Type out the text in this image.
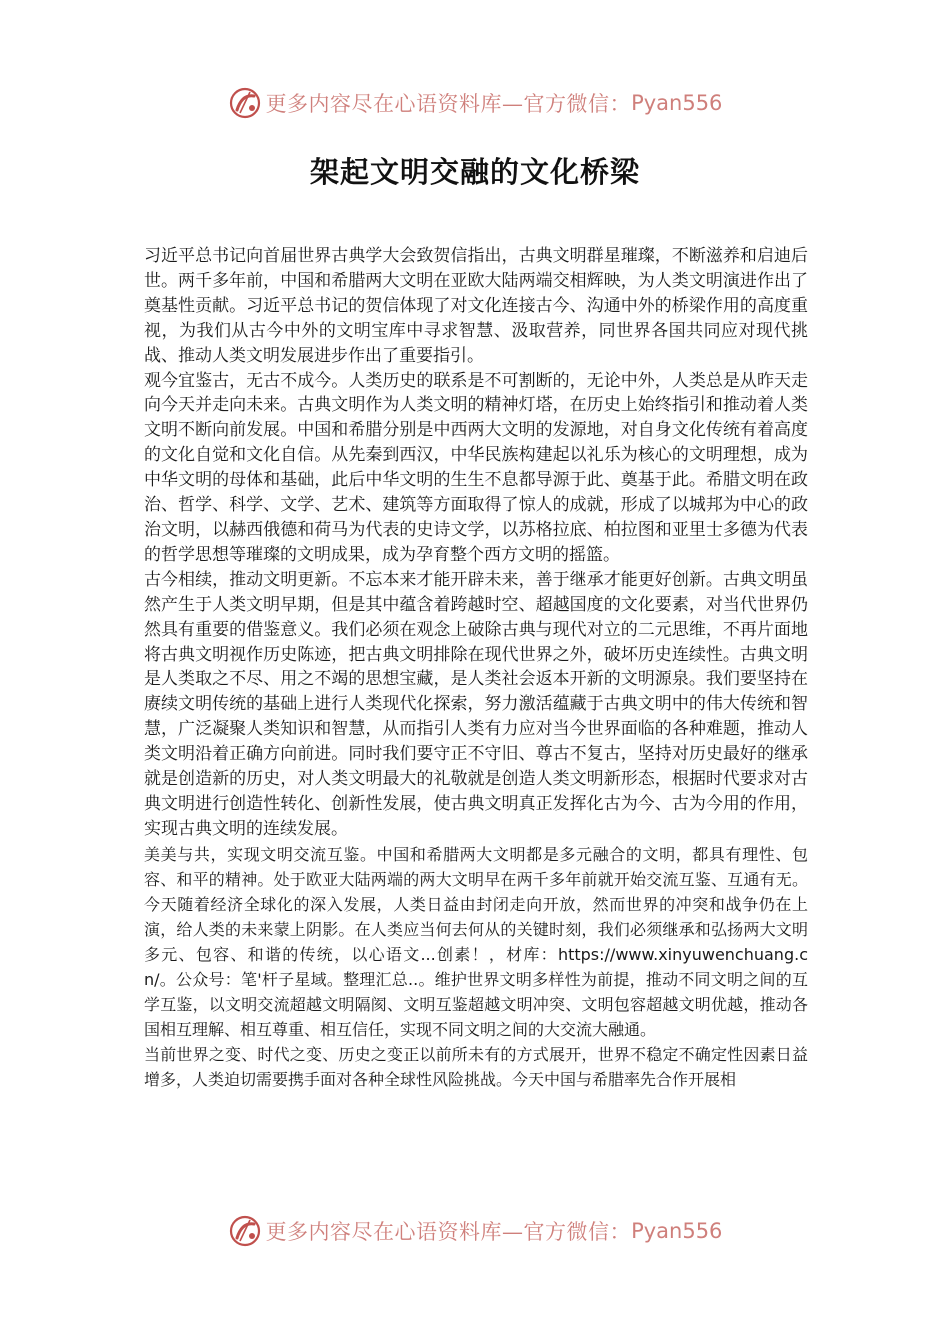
更多内容尽在心语资料库—官方微信： Pyan556
架起文明交融的文化桥梁

习近平总书记向首届世界古典学大会致贺信指出，古典文明群星璀璨，不断滋养和启迪后世。两千多年前，中国和希腊两大文明在亚欧大陆两端交相辉映，为人类文明演进作出了奠基性贡献。习近平总书记的贺信体现了对文化连接古今、沟通中外的桥梁作用的高度重视，为我们从古今中外的文明宝库中寻求智慧、汲取营养，同世界各国共同应对现代挑战、推动人类文明发展进步作出了重要指引。

观今宜鉴古，无古不成今。人类历史的联系是不可割断的，无论中外，人类总是从昨天走向今天并走向未来。古典文明作为人类文明的精神灯塔，在历史上始终指引和推动着人类文明不断向前发展。中国和希腊分别是中西两大文明的发源地，对自身文化传统有着高度的文化自觉和文化自信。从先秦到西汉，中华民族构建起以礼乐为核心的文明理想，成为中华文明的母体和基础，此后中华文明的生生不息都导源于此、奠基于此。希腊文明在政治、哲学、科学、文学、艺术、建筑等方面取得了惊人的成就，形成了以城邦为中心的政治文明，以赫西俄德和荷马为代表的史诗文学，以苏格拉底、柏拉图和亚里士多德为代表的哲学思想等璀璨的文明成果，成为孕育整个西方文明的摇篮。

古今相续，推动文明更新。不忘本来才能开辟未来，善于继承才能更好创新。古典文明虽然产生于人类文明早期，但是其中蕴含着跨越时空、超越国度的文化要素，对当代世界仍然具有重要的借鉴意义。我们必须在观念上破除古典与现代对立的二元思维，不再片面地将古典文明视作历史陈迹，把古典文明排除在现代世界之外，破坏历史连续性。古典文明是人类取之不尽、用之不竭的思想宝藏，是人类社会返本开新的文明源泉。我们要坚持在赓续文明传统的基础上进行人类现代化探索，努力激活蕴藏于古典文明中的伟大传统和智慧，广泛凝聚人类知识和智慧，从而指引人类有力应对当今世界面临的各种难题，推动人类文明沿着正确方向前进。同时我们要守正不守旧、尊古不复古，坚持对历史最好的继承就是创造新的历史，对人类文明最大的礼敬就是创造人类文明新形态，根据时代要求对古典文明进行创造性转化、创新性发展，使古典文明真正发挥化古为今、古为今用的作用，实现古典文明的连续发展。

美美与共，实现文明交流互鉴。中国和希腊两大文明都是多元融合的文明，都具有理性、包容、和平的精神。处于欧亚大陆两端的两大文明早在两千多年前就开始交流互鉴、互通有无。今天随着经济全球化的深入发展，人类日益由封闭走向开放，然而世界的冲突和战争仍在上演，给人类的未来蒙上阴影。在人类应当何去何从的关键时刻，我们必须继承和弘扬两大文明多元、包容、和谐的传统，以心语文...创素！，材库：https://www.xinyuwenchuang.cn/。公众号：笔'杆子星域。整理汇总..。维护世界文明多样性为前提，推动不同文明之间的互学互鉴，以文明交流超越文明隔阂、文明互鉴超越文明冲突、文明包容超越文明优越，推动各国相互理解、相互尊重、相互信任，实现不同文明之间的大交流大融通。

当前世界之变、时代之变、历史之变正以前所未有的方式展开，世界不稳定不确定性因素日益增多，人类迫切需要携手面对各种全球性风险挑战。今天中国与希腊率先合作开展相

更多内容尽在心语资料库—官方微信： Pyan556
